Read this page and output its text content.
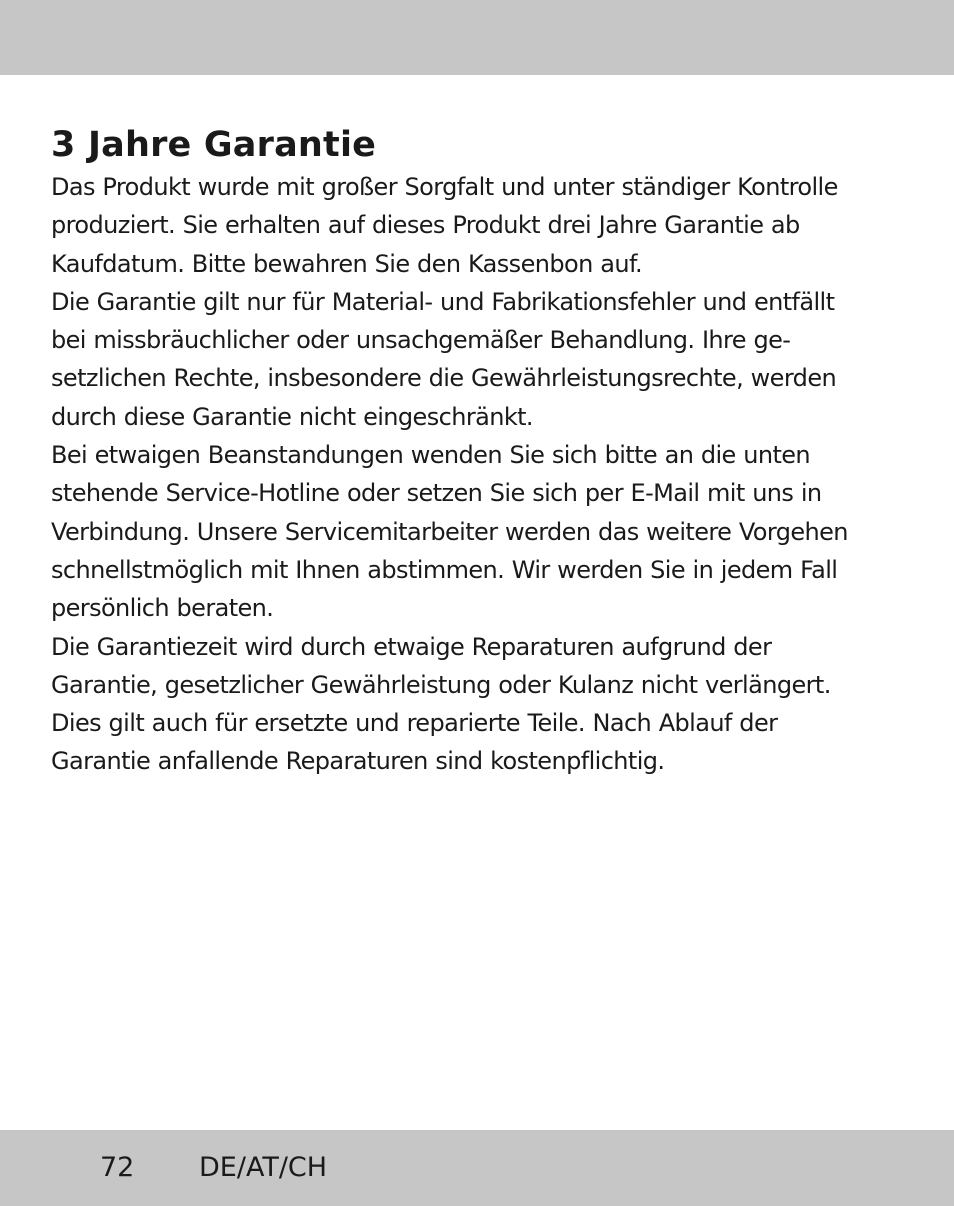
3 Jahre Garantie

Das Produkt wurde mit großer Sorgfalt und unter ständiger Kontrolle
produziert. Sie erhalten auf dieses Produkt drei Jahre Garantie ab
Kaufdatum. Bitte bewahren Sie den Kassenbon auf.

Die Garantie gilt nur für Material- und Fabrikationsfehler und entfällt
bei missbräuchlicher oder unsachgemäßer Behandlung. Ihre ge-
setzlichen Rechte, insbesondere die Gewährleistungsrechte, werden
durch diese Garantie nicht eingeschränkt.

Bei etwaigen Beanstandungen wenden Sie sich bitte an die unten
stehende Service-Hotline oder setzen Sie sich per E-Mail mit uns in
Verbindung. Unsere Servicemitarbeiter werden das weitere Vorgehen
schnellstmöglich mit Ihnen abstimmen. Wir werden Sie in jedem Fall
persönlich beraten.

Die Garantiezeit wird durch etwaige Reparaturen aufgrund der
Garantie, gesetzlicher Gewährleistung oder Kulanz nicht verlängert.
Dies gilt auch für ersetzte und reparierte Teile. Nach Ablauf der
Garantie anfallende Reparaturen sind kostenpflichtig.

72 DE/AT/CH
